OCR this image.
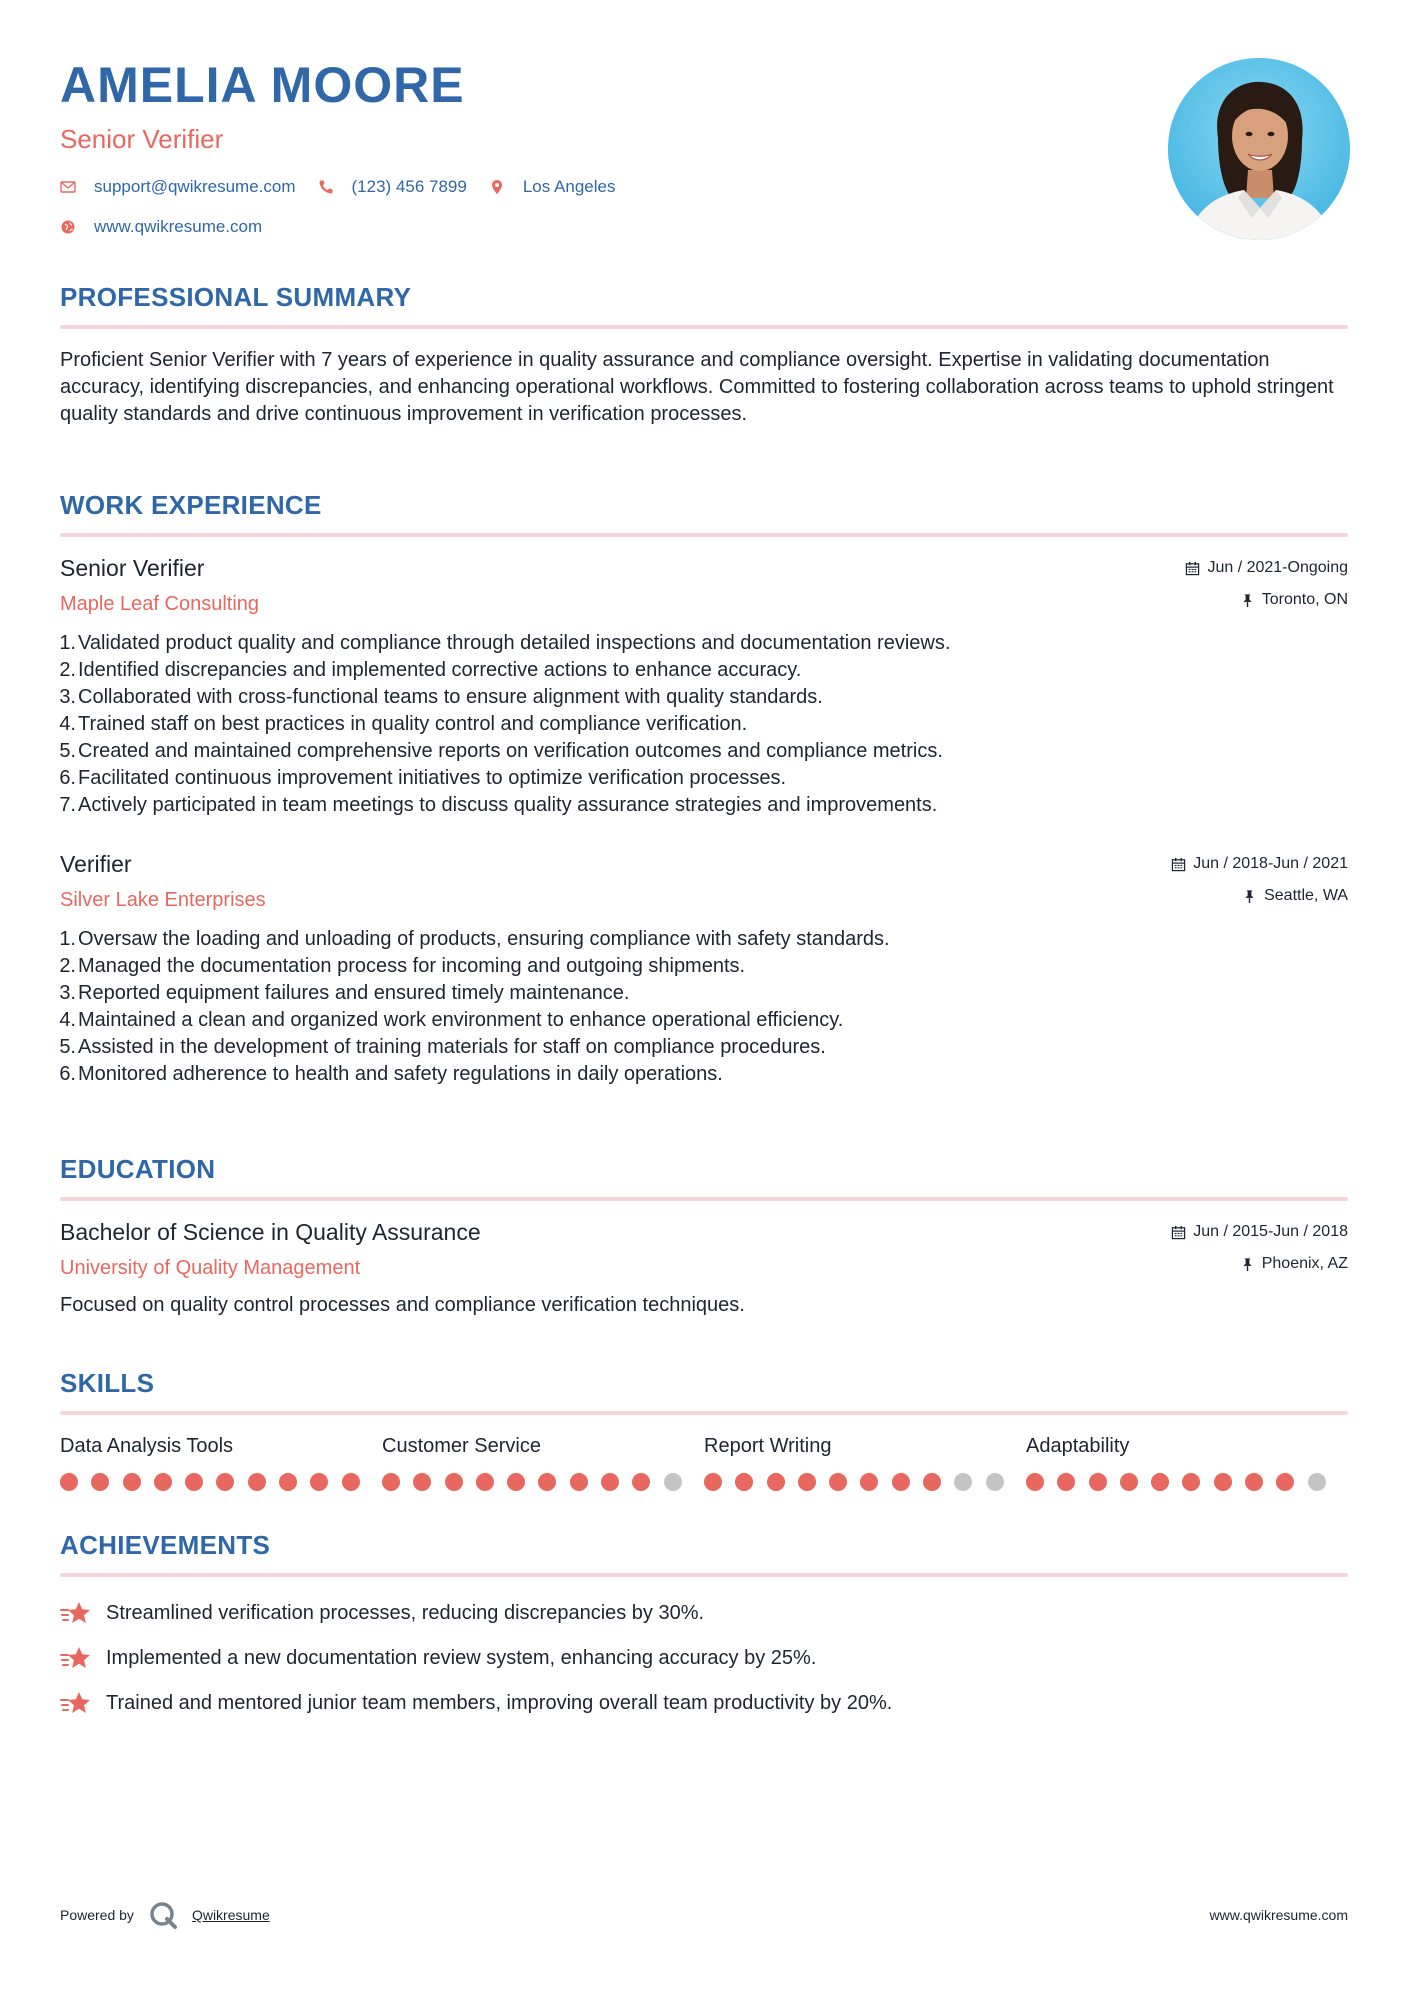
AMELIA MOORE
Senior Verifier
support@qwikresume.com	(123) 456 7899	Los Angeles
www.qwikresume.com
PROFESSIONAL SUMMARY
Proficient Senior Verifier with 7 years of experience in quality assurance and compliance oversight. Expertise in validating documentation accuracy, identifying discrepancies, and enhancing operational workflows. Committed to fostering collaboration across teams to uphold stringent quality standards and drive continuous improvement in verification processes.
WORK EXPERIENCE
Senior Verifier
Maple Leaf Consulting
Jun / 2021-Ongoing
Toronto, ON
1. Validated product quality and compliance through detailed inspections and documentation reviews.
2. Identified discrepancies and implemented corrective actions to enhance accuracy.
3. Collaborated with cross-functional teams to ensure alignment with quality standards.
4. Trained staff on best practices in quality control and compliance verification.
5. Created and maintained comprehensive reports on verification outcomes and compliance metrics.
6. Facilitated continuous improvement initiatives to optimize verification processes.
7. Actively participated in team meetings to discuss quality assurance strategies and improvements.
Verifier
Silver Lake Enterprises
Jun / 2018-Jun / 2021
Seattle, WA
1. Oversaw the loading and unloading of products, ensuring compliance with safety standards.
2. Managed the documentation process for incoming and outgoing shipments.
3. Reported equipment failures and ensured timely maintenance.
4. Maintained a clean and organized work environment to enhance operational efficiency.
5. Assisted in the development of training materials for staff on compliance procedures.
6. Monitored adherence to health and safety regulations in daily operations.
EDUCATION
Bachelor of Science in Quality Assurance
University of Quality Management
Jun / 2015-Jun / 2018
Phoenix, AZ
Focused on quality control processes and compliance verification techniques.
SKILLS
Data Analysis Tools	Customer Service	Report Writing	Adaptability
ACHIEVEMENTS
Streamlined verification processes, reducing discrepancies by 30%.
Implemented a new documentation review system, enhancing accuracy by 25%.
Trained and mentored junior team members, improving overall team productivity by 20%.
Powered by	Qwikresume	www.qwikresume.com
